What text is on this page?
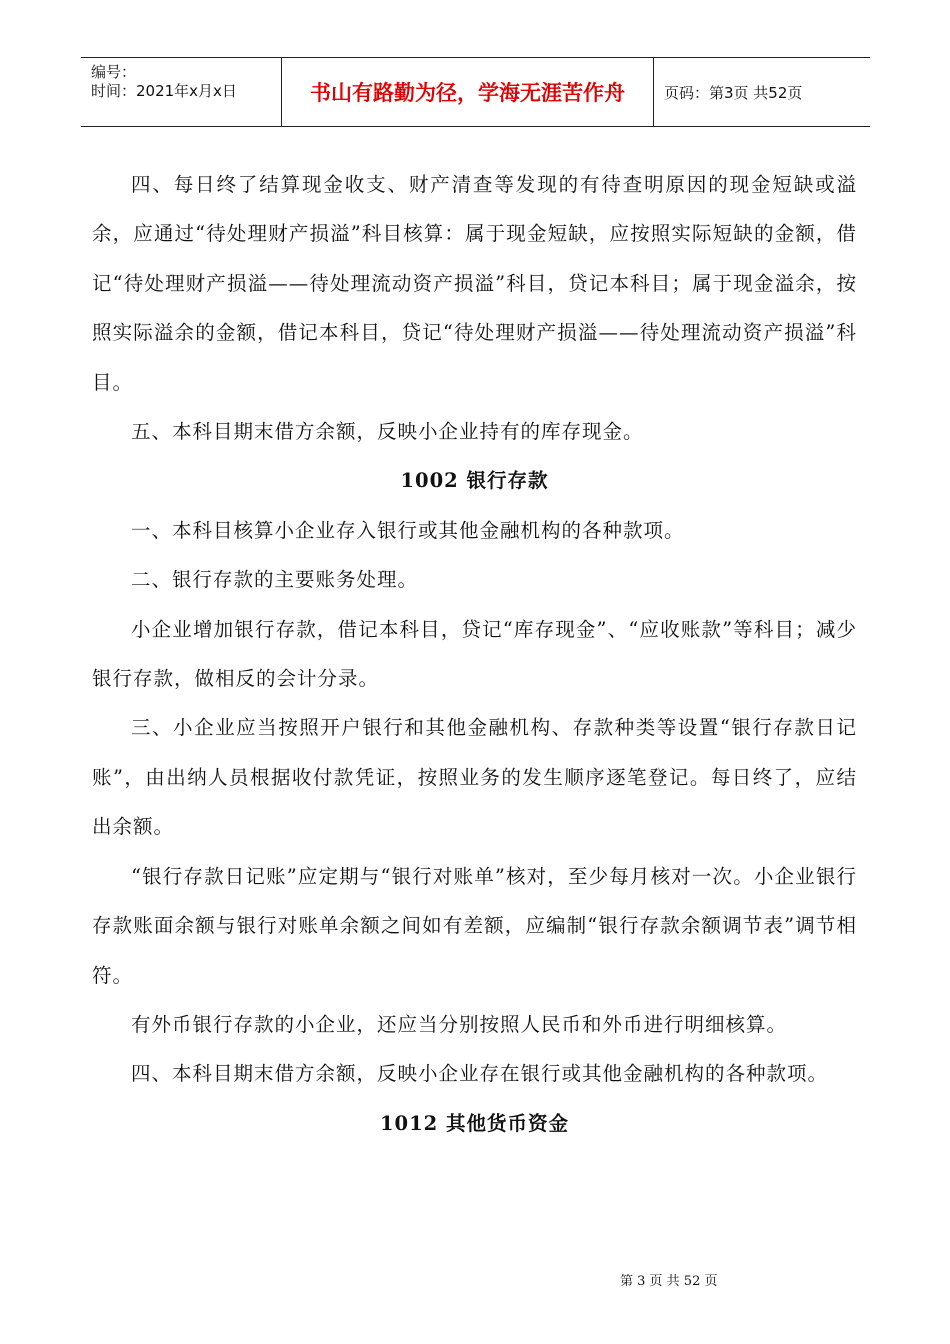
编号：
时间：2021年x月x日	书山有路勤为径，学海无涯苦作舟	页码：第3页 共52页

四、每日终了结算现金收支、财产清查等发现的有待查明原因的现金短缺或溢余，应通过“待处理财产损溢”科目核算：属于现金短缺，应按照实际短缺的金额，借记“待处理财产损溢——待处理流动资产损溢”科目，贷记本科目；属于现金溢余，按照实际溢余的金额，借记本科目，贷记“待处理财产损溢——待处理流动资产损溢”科目。

五、本科目期末借方余额，反映小企业持有的库存现金。

1002 银行存款

一、本科目核算小企业存入银行或其他金融机构的各种款项。

二、银行存款的主要账务处理。

小企业增加银行存款，借记本科目，贷记“库存现金”、“应收账款”等科目；减少银行存款，做相反的会计分录。

三、小企业应当按照开户银行和其他金融机构、存款种类等设置“银行存款日记账”，由出纳人员根据收付款凭证，按照业务的发生顺序逐笔登记。每日终了，应结出余额。

“银行存款日记账”应定期与“银行对账单”核对，至少每月核对一次。小企业银行存款账面余额与银行对账单余额之间如有差额，应编制“银行存款余额调节表”调节相符。

有外币银行存款的小企业，还应当分别按照人民币和外币进行明细核算。

四、本科目期末借方余额，反映小企业存在银行或其他金融机构的各种款项。

1012 其他货币资金

第 3 页 共 52 页
